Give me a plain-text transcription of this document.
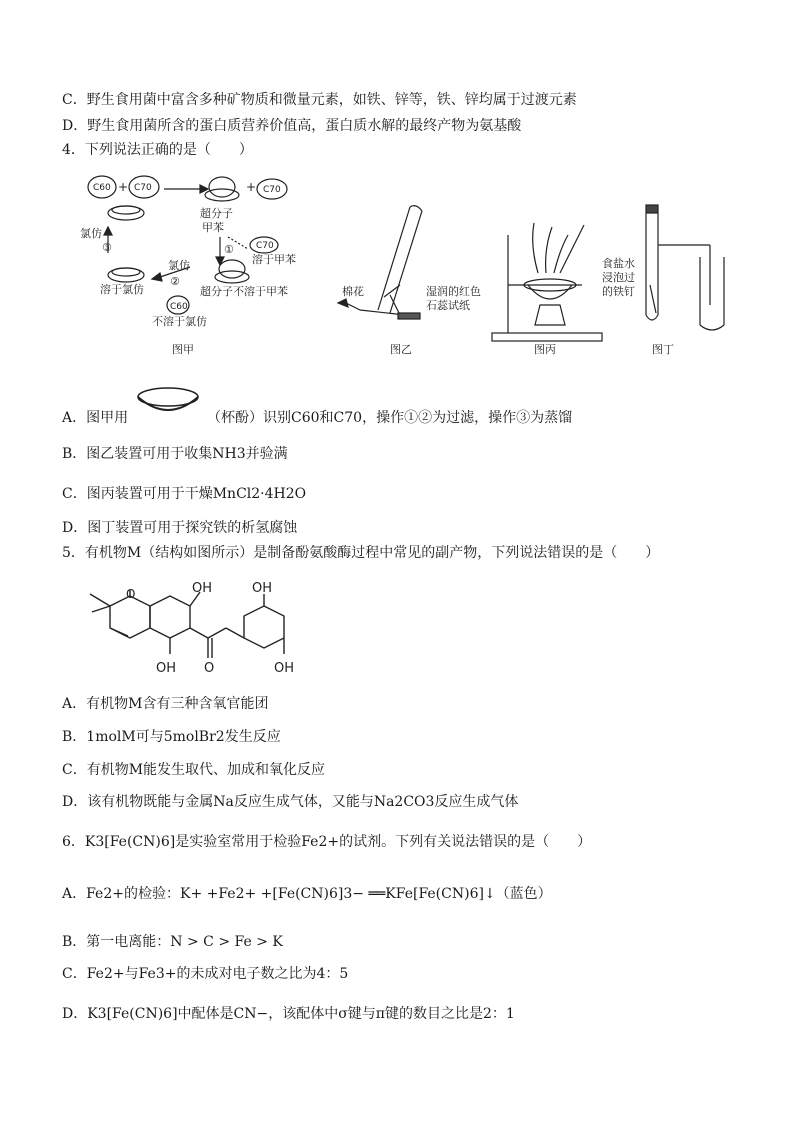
C．野生食用菌中富含多种矿物质和微量元素，如铁、锌等，铁、锌均属于过渡元素
D．野生食用菌所含的蛋白质营养价值高，蛋白质水解的最终产物为氨基酸
4．下列说法正确的是（　　）
+	+
C60	C70	C70
C70
C60
超分子
甲苯
①
溶于甲苯
氯仿
③
溶于氯仿
氯仿
②
超分子不溶于甲苯
不溶于氯仿
图甲
棉花	湿润的红色
石蕊试纸
图乙	图丙
食盐水
浸泡过
的铁钉
图丁
A．图甲用	（杯酚）识别C60和C70，操作①②为过滤，操作③为蒸馏
B．图乙装置可用于收集NH3并验满
C．图丙装置可用于干燥MnCl2·4H2O
D．图丁装置可用于探究铁的析氢腐蚀
5．有机物M（结构如图所示）是制备酚氨酸酶过程中常见的副产物，下列说法错误的是（　　）
O	OH	OH
OH O	OH
A．有机物M含有三种含氧官能团
B．1molM可与5molBr2发生反应
C．有机物M能发生取代、加成和氧化反应
D．该有机物既能与金属Na反应生成气体，又能与Na2CO3反应生成气体
6．K3[Fe(CN)6]是实验室常用于检验Fe2+的试剂。下列有关说法错误的是（　　）
A．Fe2+的检验：K+ +Fe2+ +[Fe(CN)6]3− ══KFe[Fe(CN)6]↓（蓝色）
B．第一电离能：N > C > Fe > K
C．Fe2+与Fe3+的未成对电子数之比为4：5
D．K3[Fe(CN)6]中配体是CN−，该配体中σ键与π键的数目之比是2：1
